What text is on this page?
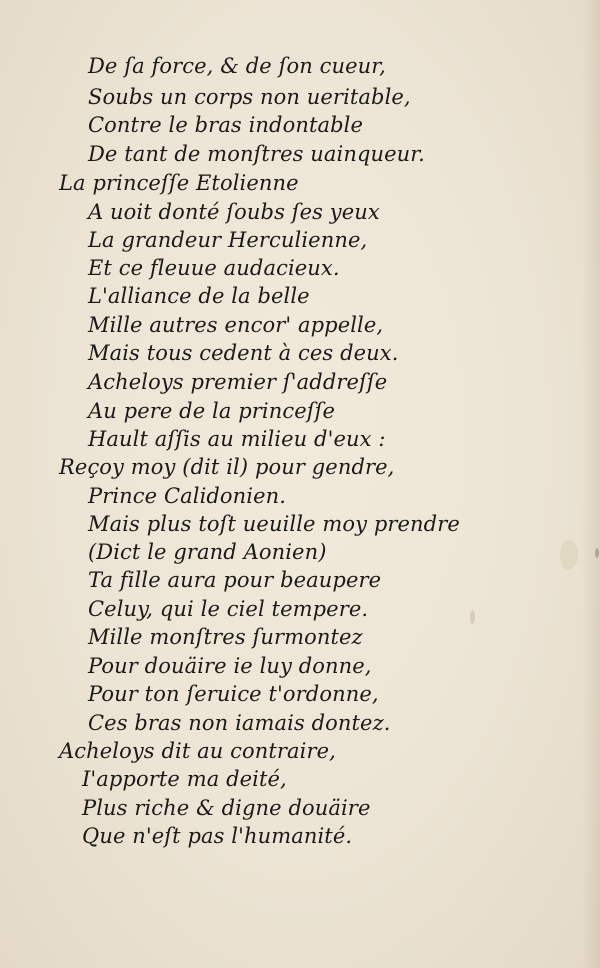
De ſa force, & de ſon cueur,
Soubs un corps non ueritable,
Contre le bras indontable
De tant de monſtres uainqueur.
La princeſſe Etolienne
A uoit donté ſoubs ſes yeux
La grandeur Herculienne,
Et ce fleuue audacieux.
L'alliance de la belle
Mille autres encor' appelle,
Mais tous cedent à ces deux.
Acheloys premier ſ'addreſſe
Au pere de la princeſſe
Hault aſſis au milieu d'eux :
Reçoy moy (dit il) pour gendre,
Prince Calidonien.
Mais plus toſt ueuille moy prendre
(Dict le grand Aonien)
Ta fille aura pour beaupere
Celuy, qui le ciel tempere.
Mille monſtres ſurmontez
Pour douäire ie luy donne,
Pour ton ſeruice t'ordonne,
Ces bras non iamais dontez.
Acheloys dit au contraire,
I'apporte ma deité,
Plus riche & digne douäire
Que n'eſt pas l'humanité.
